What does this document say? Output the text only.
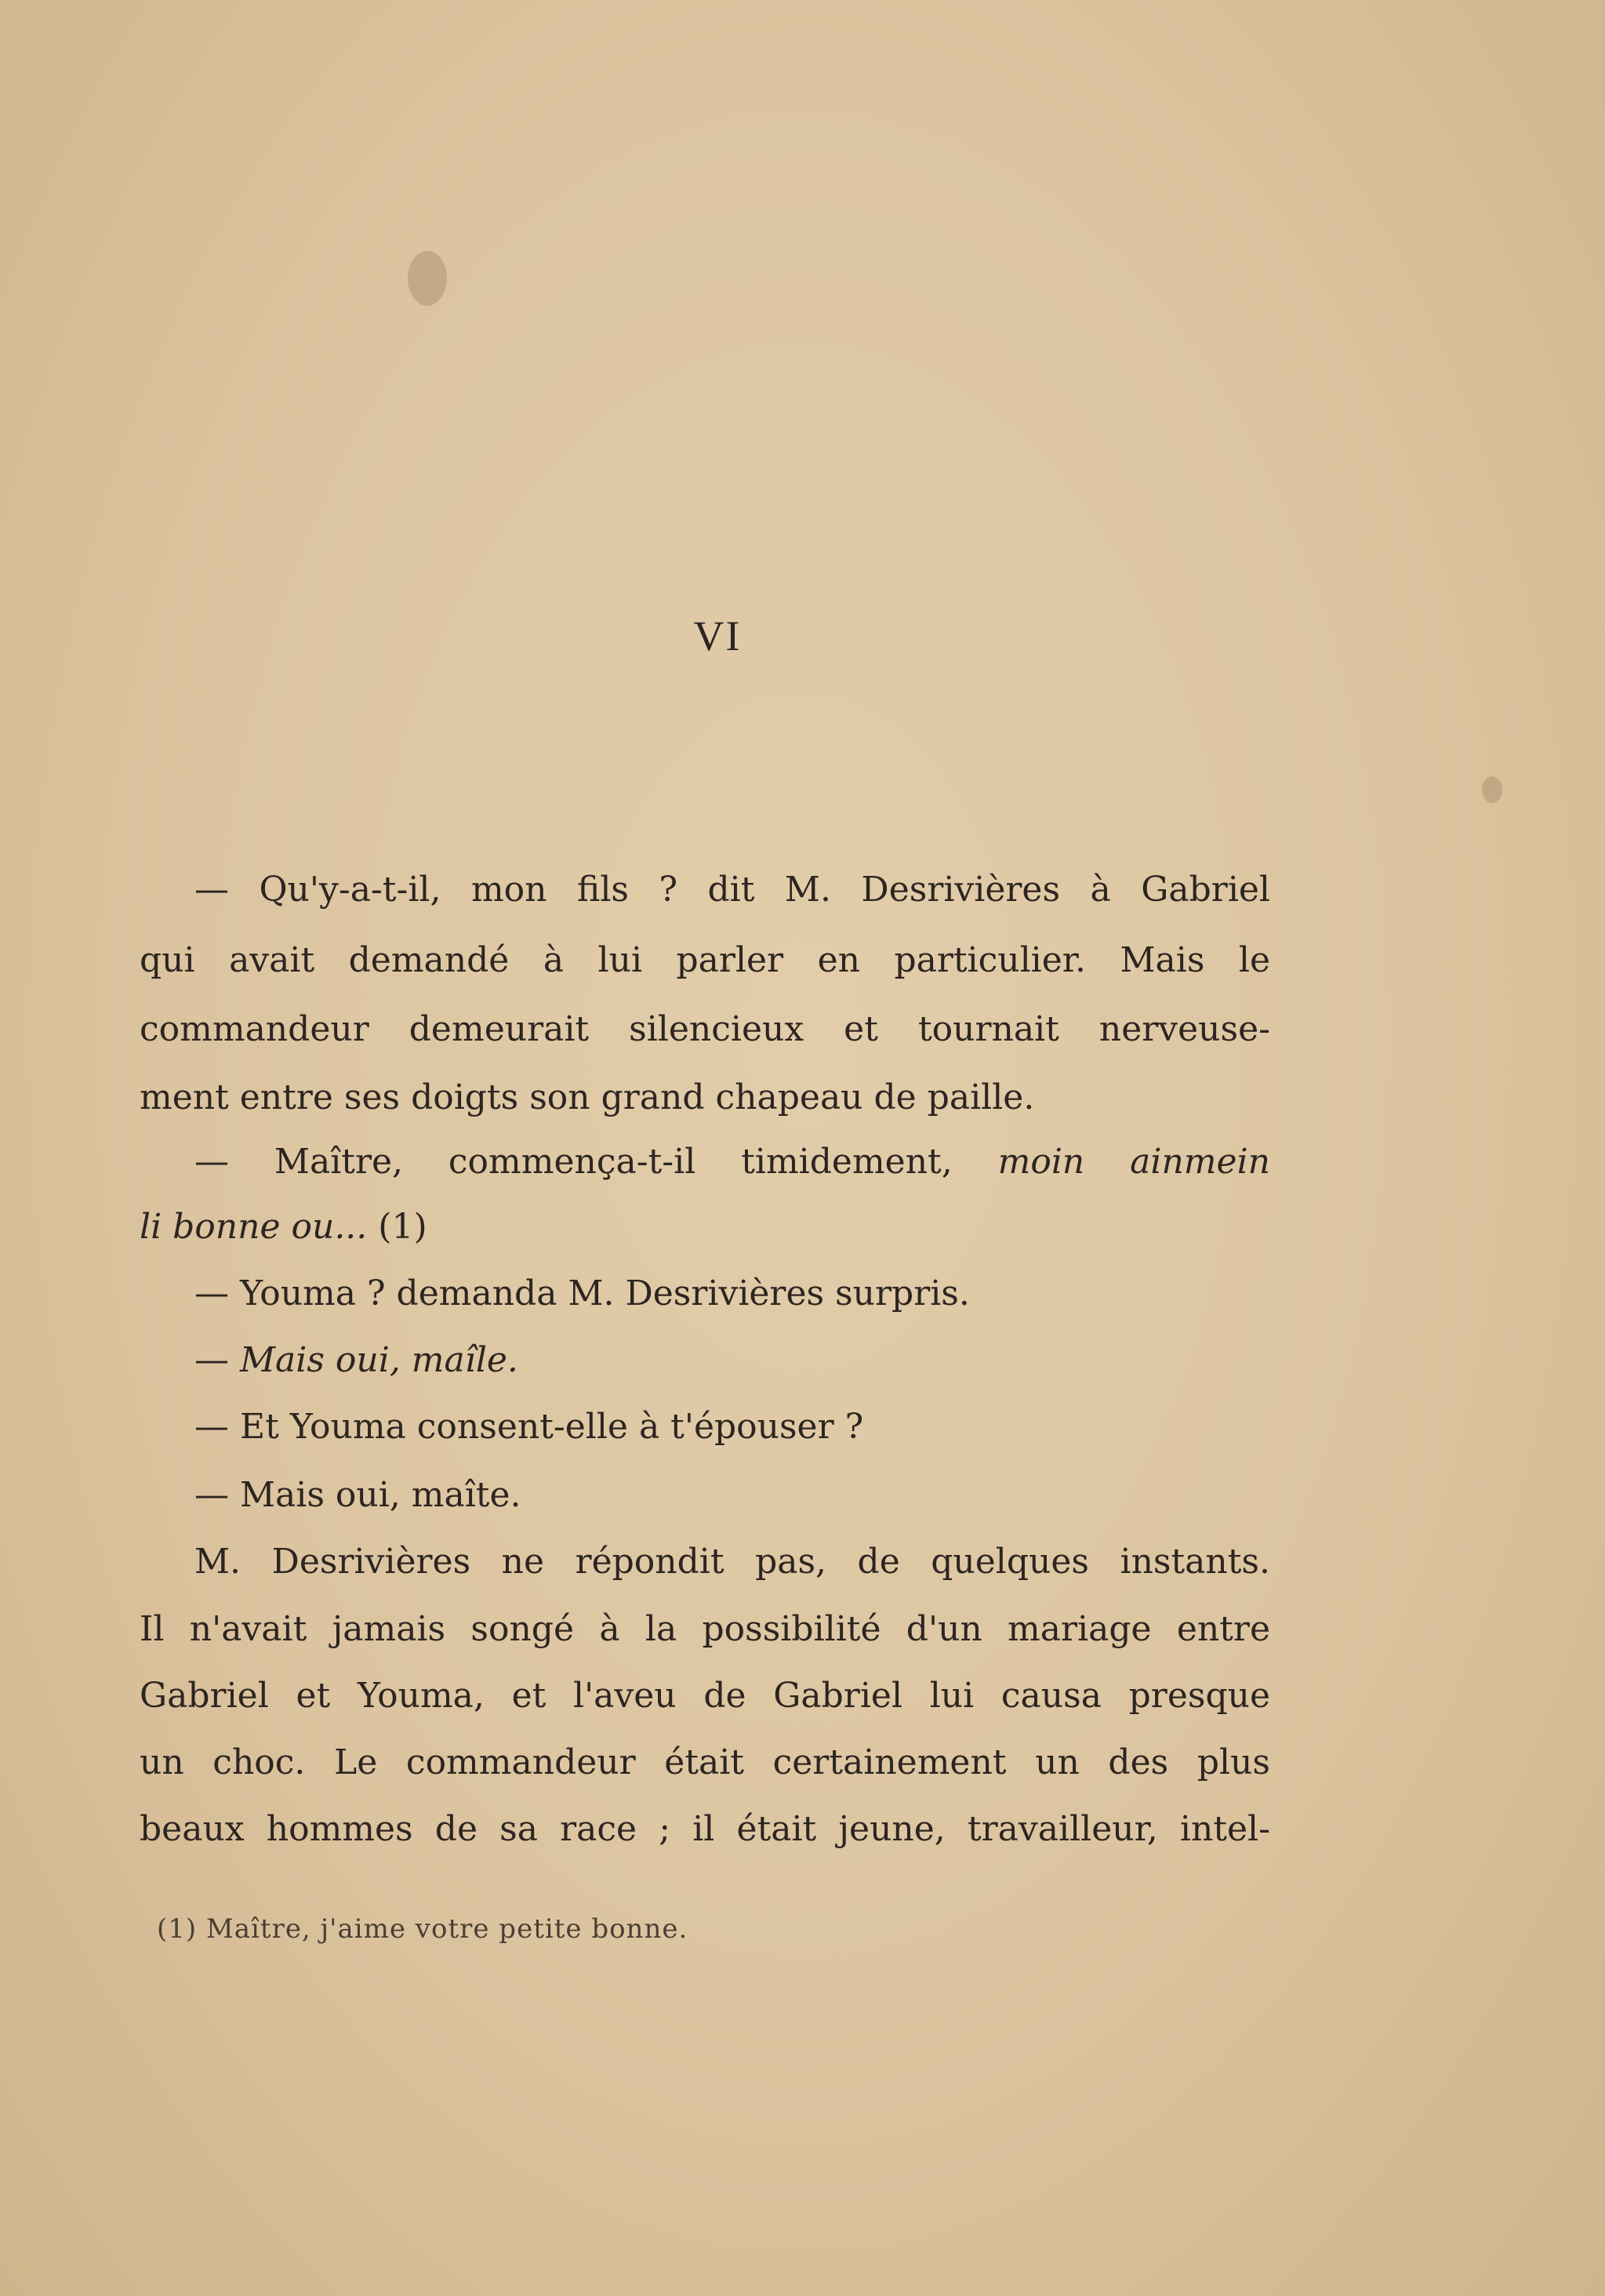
VI
— Qu'y-a-t-il, mon fils ? dit M. Desrivières à Gabriel
qui avait demandé à lui parler en particulier. Mais le
commandeur demeurait silencieux et tournait nerveuse-
ment entre ses doigts son grand chapeau de paille.
— Maître, commença-t-il timidement, moin ainmein
li bonne ou... (1)
— Youma ? demanda M. Desrivières surpris.
— Mais oui, maîle.
— Et Youma consent-elle à t'épouser ?
— Mais oui, maîte.
M. Desrivières ne répondit pas, de quelques instants.
Il n'avait jamais songé à la possibilité d'un mariage entre
Gabriel et Youma, et l'aveu de Gabriel lui causa presque
un choc. Le commandeur était certainement un des plus
beaux hommes de sa race ; il était jeune, travailleur, intel-
(1) Maître, j'aime votre petite bonne.
